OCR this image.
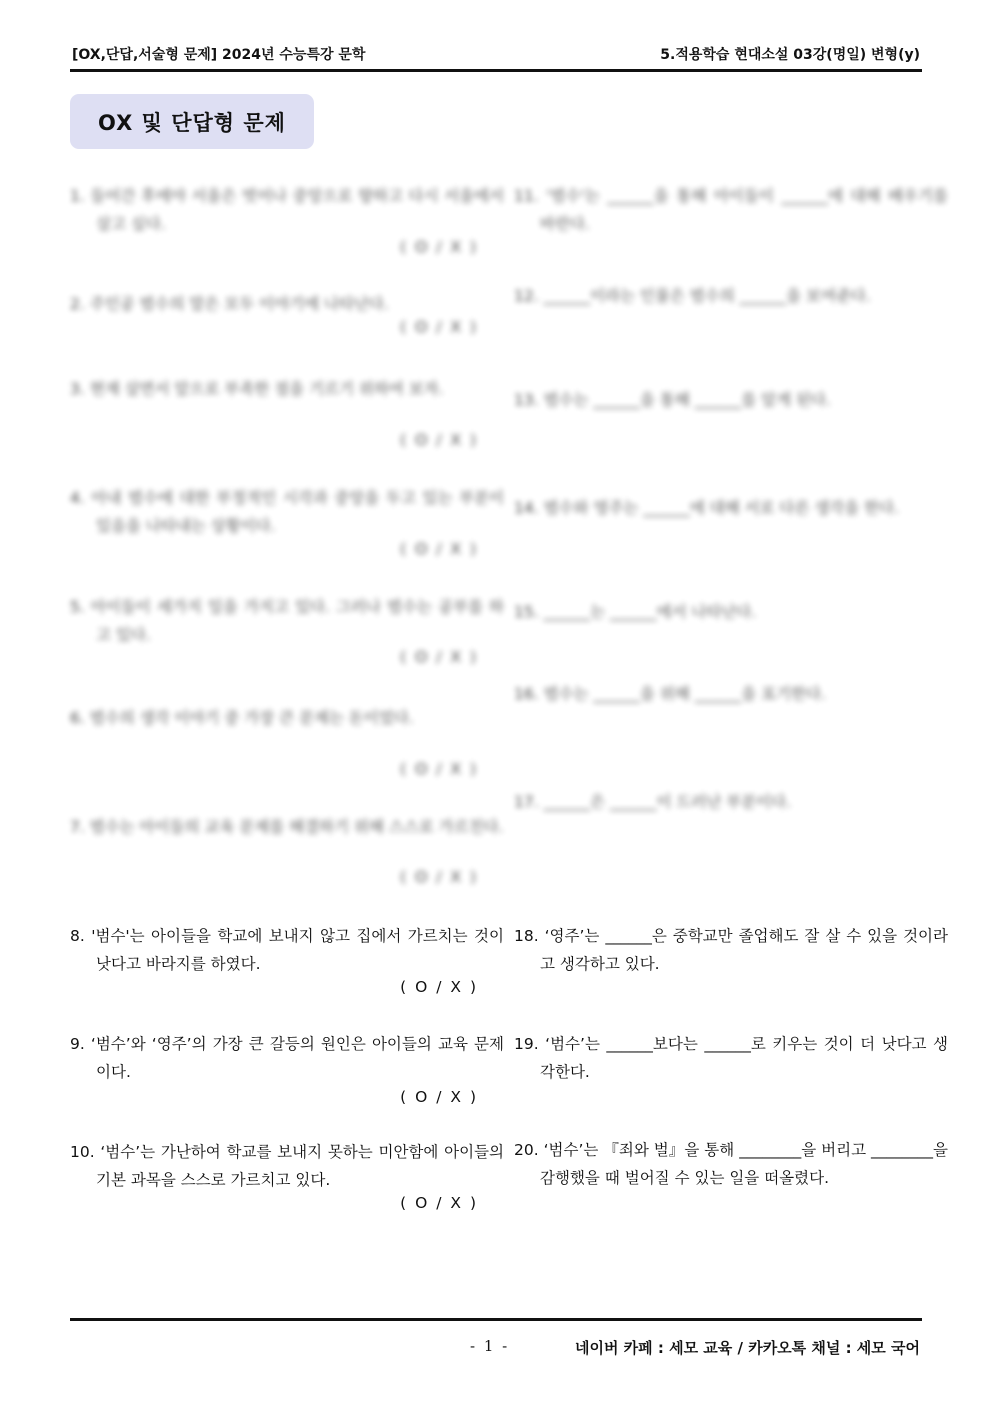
[OX,단답,서술형 문제] 2024년 수능특강 문학	5.적용학습 현대소설 03강(명일) 변형(y)
OX 및 단답형 문제
1. 들어간 후에야 서울은 벗어나 중앙으로 향하고 다시 서울에서 살고 싶다.
( O / X )
2. 주인공 범수의 말은 모두 이야기에 나타난다.
( O / X )
3. 현재 살면서 앞으로 부족한 점을 기르기 위하여 보자.
( O / X )
4. 아내 범수에 대한 부정적인 시각과 중앙을 두고 있는 부분이 있음을 나타내는 상황이다.
( O / X )
5. 아이들이 세가지 일을 가지고 있다. 그러나 범수는 공부를 하고 있다.
( O / X )
6. 범수의 생각 이야기 중 가장 큰 문제는 돈이었다.
( O / X )
7. 범수는 아이들의 교육 문제를 해결하기 위해 스스로 가르친다.
( O / X )
8. '범수'는 아이들을 학교에 보내지 않고 집에서 가르치는 것이 낫다고 바라지를 하였다.
( O / X )
9. ‘범수’와 ‘영주’의 가장 큰 갈등의 원인은 아이들의 교육 문제이다.
( O / X )
10. ‘범수’는 가난하여 학교를 보내지 못하는 미안함에 아이들의 기본 과목을 스스로 가르치고 있다.
( O / X )
11. '범수'는 ______을 통해 아이들이 ______에 대해 배우기를 바란다.
12. ______이라는 인물은 범수의 ______을 보여준다.
13. 범수는 ______을 통해 ______를 알게 된다.
14. 범수와 영주는 ______에 대해 서로 다른 생각을 한다.
15. ______는 ______에서 나타난다.
16. 범수는 ______을 위해 ______을 포기한다.
17. ______은 ______이 드러난 부분이다.
18. ‘영주’는 ______은 중학교만 졸업해도 잘 살 수 있을 것이라고 생각하고 있다.
19. ‘범수’는 ______보다는 ______로 키우는 것이 더 낫다고 생각한다.
20. ‘범수’는 『죄와 벌』을 통해 ________을 버리고 ________을 감행했을 때 벌어질 수 있는 일을 떠올렸다.
- 1 -	네이버 카페 : 세모 교육 / 카카오톡 채널 : 세모 국어
